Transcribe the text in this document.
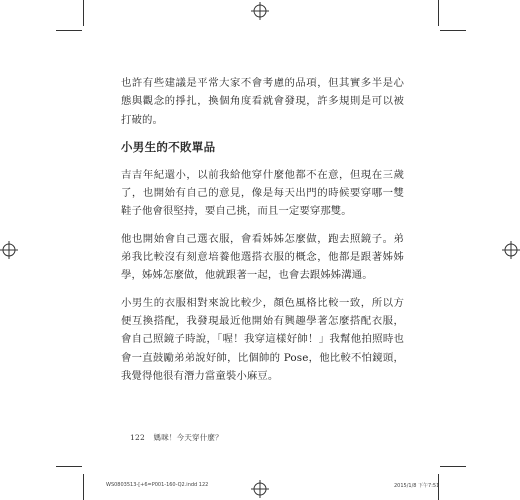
也許有些建議是平常大家不會考慮的品項，但其實多半是心態與觀念的掙扎，換個角度看就會發現，許多規則是可以被打破的。

小男生的不敗單品

吉吉年紀還小，以前我給他穿什麼他都不在意，但現在三歲了，也開始有自己的意見，像是每天出門的時候要穿哪一雙鞋子他會很堅持，要自己挑，而且一定要穿那雙。

他也開始會自己選衣服，會看姊姊怎麼做，跑去照鏡子。弟弟我比較沒有刻意培養他選搭衣服的概念，他都是跟著姊姊學，姊姊怎麼做，他就跟著一起，也會去跟姊姊溝通。

小男生的衣服相對來說比較少，顏色風格比較一致，所以方便互換搭配，我發現最近他開始有興趣學著怎麼搭配衣服，會自己照鏡子時說，「喔！我穿這樣好帥！」我幫他拍照時也會一直鼓勵弟弟說好帥，比個帥的 Pose，他比較不怕鏡頭，我覺得他很有潛力當童裝小麻豆。

122 媽咪！今天穿什麼？
WS0803513-[+6=P001-160-Q2.indd 122	2015/1/8 下午7:51
